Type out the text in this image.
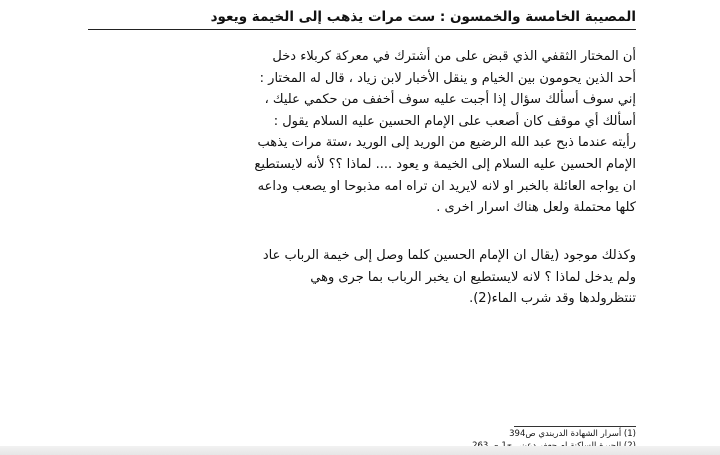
المصيبة الخامسة والخمسون : ست مرات يذهب إلى الخيمة ويعود
أن المختار الثقفي الذي قبض على من أشترك في معركة كربلاء دخل
أحد الذين يحومون بين الخيام و ينقل الأخبار لابن زياد ، قال له المختار :
إني سوف أسألك سؤال إذا أجبت عليه سوف أخفف من حكمي عليك ،
أسألك أي موقف كان أصعب على الإمام الحسين عليه السلام يقول :
رأيته عندما ذبح عبد الله الرضيع من الوريد إلى الوريد ،ستة مرات يذهب
الإمام الحسين عليه السلام إلى الخيمة و يعود .... لماذا ؟؟ لأنه لايستطيع
ان يواجه العائلة بالخبر او لانه لايريد ان تراه امه مذبوحا او يصعب وداعه
كلها محتملة ولعل هناك اسرار اخرى .
وكذلك موجود (يقال ان الإمام الحسين كلما وصل إلى خيمة الرباب عاد
ولم يدخل لماذا ؟ لانه لايستطيع ان يخبر الرباب بما جرى وهي
تنتظرولدها وقد شرب الماء(2).
(1) أسرار الشهادة الدربندي ص394
